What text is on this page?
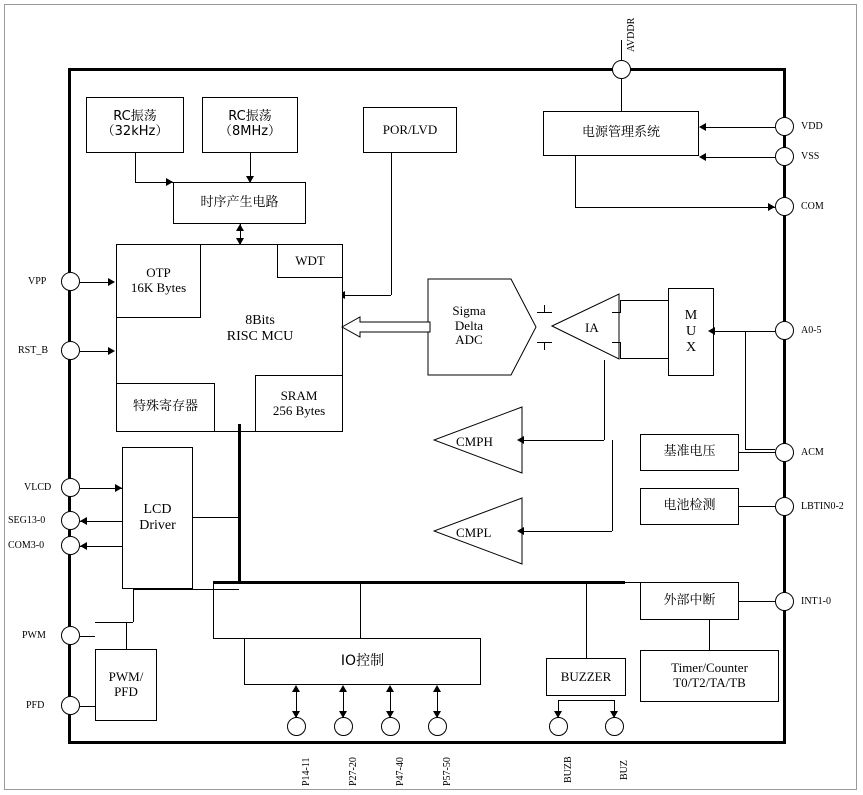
AVDDR
电源管理系统	VDD
VSS
COM
RC振荡
（32kHz）
RC振荡
（8MHz）
时序产生电路
POR/LVD
8Bits
RISC MCU
OTP
16K Bytes
WDT
特殊寄存器
SRAM
256 Bytes
VPP
RST_B
Sigma
Delta
ADC
IA
M
U
X
A0-5
CMPH
CMPL
基准电压
电池检测
ACM
LBTIN0-2
LCD
Driver
VLCD
SEG13-0
COM3-0
IO控制
PWM/
PFD
PWM
PFD
BUZZER
Timer/Counter
T0/T2/TA/TB
外部中断	INT1-0
P14-11	P27-20	P47-40	P57-50	BUZB	BUZ
